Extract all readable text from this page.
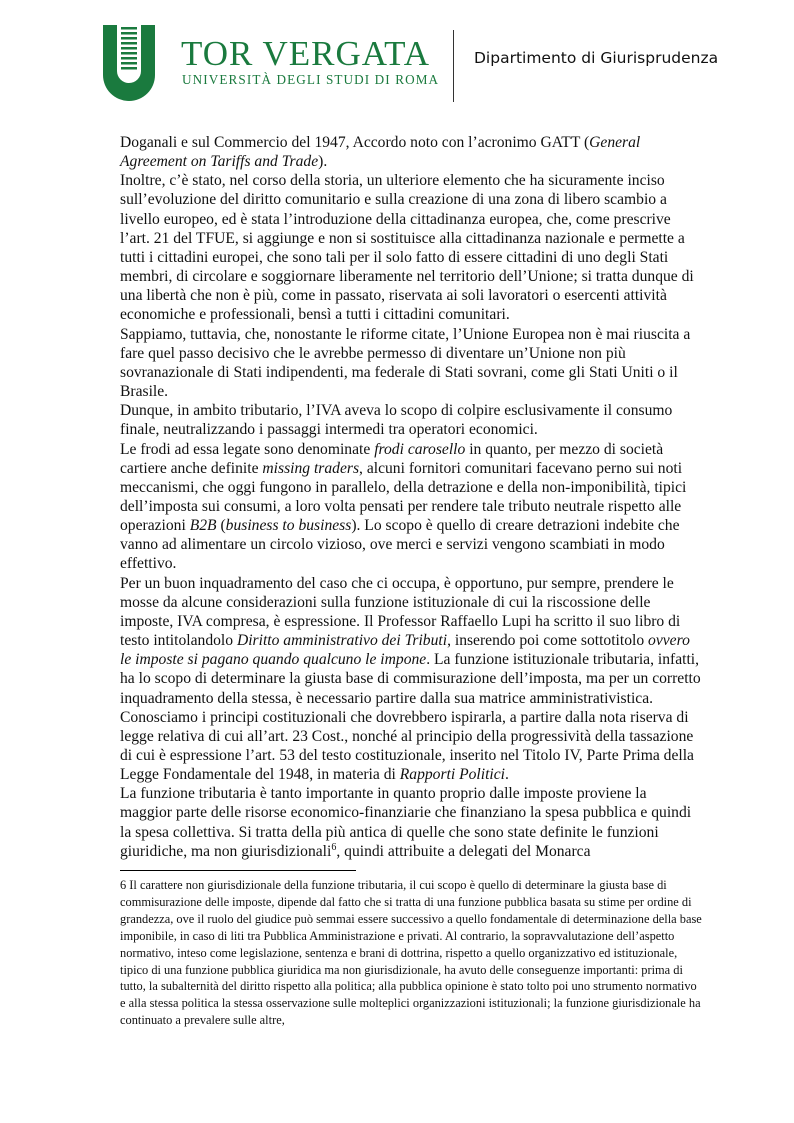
TOR VERGATA
UNIVERSITÀ DEGLI STUDI DI ROMA
Dipartimento di Giurisprudenza

Doganali e sul Commercio del 1947, Accordo noto con l’acronimo GATT (General Agreement on Tariffs and Trade).

Inoltre, c’è stato, nel corso della storia, un ulteriore elemento che ha sicuramente inciso sull’evoluzione del diritto comunitario e sulla creazione di una zona di libero scambio a livello europeo, ed è stata l’introduzione della cittadinanza europea, che, come prescrive l’art. 21 del TFUE, si aggiunge e non si sostituisce alla cittadinanza nazionale e permette a tutti i cittadini europei, che sono tali per il solo fatto di essere cittadini di uno degli Stati membri, di circolare e soggiornare liberamente nel territorio dell’Unione; si tratta dunque di una libertà che non è più, come in passato, riservata ai soli lavoratori o esercenti attività economiche e professionali, bensì a tutti i cittadini comunitari.

Sappiamo, tuttavia, che, nonostante le riforme citate, l’Unione Europea non è mai riuscita a fare quel passo decisivo che le avrebbe permesso di diventare un’Unione non più sovranazionale di Stati indipendenti, ma federale di Stati sovrani, come gli Stati Uniti o il Brasile.

Dunque, in ambito tributario, l’IVA aveva lo scopo di colpire esclusivamente il consumo finale, neutralizzando i passaggi intermedi tra operatori economici.

Le frodi ad essa legate sono denominate frodi carosello in quanto, per mezzo di società cartiere anche definite missing traders, alcuni fornitori comunitari facevano perno sui noti meccanismi, che oggi fungono in parallelo, della detrazione e della non-imponibilità, tipici dell’imposta sui consumi, a loro volta pensati per rendere tale tributo neutrale rispetto alle operazioni B2B (business to business). Lo scopo è quello di creare detrazioni indebite che vanno ad alimentare un circolo vizioso, ove merci e servizi vengono scambiati in modo effettivo.

Per un buon inquadramento del caso che ci occupa, è opportuno, pur sempre, prendere le mosse da alcune considerazioni sulla funzione istituzionale di cui la riscossione delle imposte, IVA compresa, è espressione. Il Professor Raffaello Lupi ha scritto il suo libro di testo intitolandolo Diritto amministrativo dei Tributi, inserendo poi come sottotitolo ovvero le imposte si pagano quando qualcuno le impone. La funzione istituzionale tributaria, infatti, ha lo scopo di determinare la giusta base di commisurazione dell’imposta, ma per un corretto inquadramento della stessa, è necessario partire dalla sua matrice amministrativistica. Conosciamo i principi costituzionali che dovrebbero ispirarla, a partire dalla nota riserva di legge relativa di cui all’art. 23 Cost., nonché al principio della progressività della tassazione di cui è espressione l’art. 53 del testo costituzionale, inserito nel Titolo IV, Parte Prima della Legge Fondamentale del 1948, in materia di Rapporti Politici.

La funzione tributaria è tanto importante in quanto proprio dalle imposte proviene la maggior parte delle risorse economico-finanziarie che finanziano la spesa pubblica e quindi la spesa collettiva. Si tratta della più antica di quelle che sono state definite le funzioni giuridiche, ma non giurisdizionali$^6$, quindi attribuite a delegati del Monarca

6 Il carattere non giurisdizionale della funzione tributaria, il cui scopo è quello di determinare la giusta base di commisurazione delle imposte, dipende dal fatto che si tratta di una funzione pubblica basata su stime per ordine di grandezza, ove il ruolo del giudice può semmai essere successivo a quello fondamentale di determinazione della base imponibile, in caso di liti tra Pubblica Amministrazione e privati. Al contrario, la sopravvalutazione dell’aspetto normativo, inteso come legislazione, sentenza e brani di dottrina, rispetto a quello organizzativo ed istituzionale, tipico di una funzione pubblica giuridica ma non giurisdizionale, ha avuto delle conseguenze importanti: prima di tutto, la subalternità del diritto rispetto alla politica; alla pubblica opinione è stato tolto poi uno strumento normativo e alla stessa politica la stessa osservazione sulle molteplici organizzazioni istituzionali; la funzione giurisdizionale ha continuato a prevalere sulle altre,
